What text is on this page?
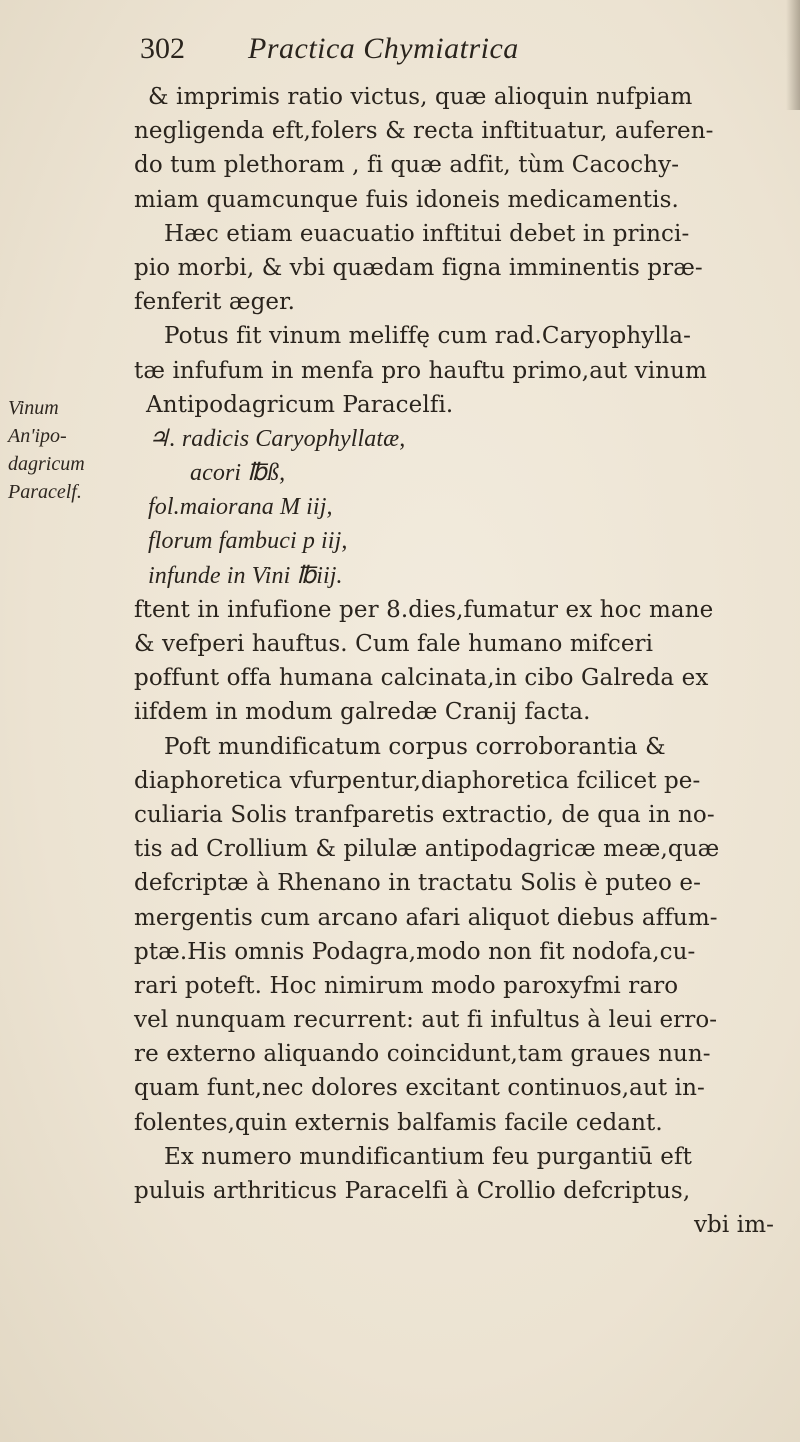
302 Practica Chymiatrica
Vinum
An'ipo-
dagricum
Paracelf.
& imprimis ratio victus, quæ alioquin nufpiam
negligenda eft,folers & recta inftituatur, auferen-
do tum plethoram , fi quæ adfit, tùm Cacochy-
miam quamcunque fuis idoneis medicamentis.
Hæc etiam euacuatio inftitui debet in princi-
pio morbi, & vbi quædam figna imminentis præ-
fenferit æger.
Potus fit vinum meliffę cum rad.Caryophylla-
tæ infufum in menfa pro hauftu primo,aut vinum
Antipodagricum Paracelfi.
♃. radicis Caryophyllatæ,
acori ℔ß,
fol.maiorana M iij,
florum fambuci p iij,
infunde in Vini ℔iij.
ftent in infufione per 8.dies,fumatur ex hoc mane
& vefperi hauftus. Cum fale humano mifceri
poffunt offa humana calcinata,in cibo Galreda ex
iifdem in modum galredæ Cranij facta.
Poft mundificatum corpus corroborantia &
diaphoretica vfurpentur,diaphoretica fcilicet pe-
culiaria Solis tranfparetis extractio, de qua in no-
tis ad Crollium & pilulæ antipodagricæ meæ,quæ
defcriptæ à Rhenano in tractatu Solis è puteo e-
mergentis cum arcano afari aliquot diebus affum-
ptæ.His omnis Podagra,modo non fit nodofa,cu-
rari poteft. Hoc nimirum modo paroxyfmi raro
vel nunquam recurrent: aut fi infultus à leui erro-
re externo aliquando coincidunt,tam graues nun-
quam funt,nec dolores excitant continuos,aut in-
folentes,quin externis balfamis facile cedant.
Ex numero mundificantium feu purgantiū eft
puluis arthriticus Paracelfi à Crollio defcriptus,
vbi im-
